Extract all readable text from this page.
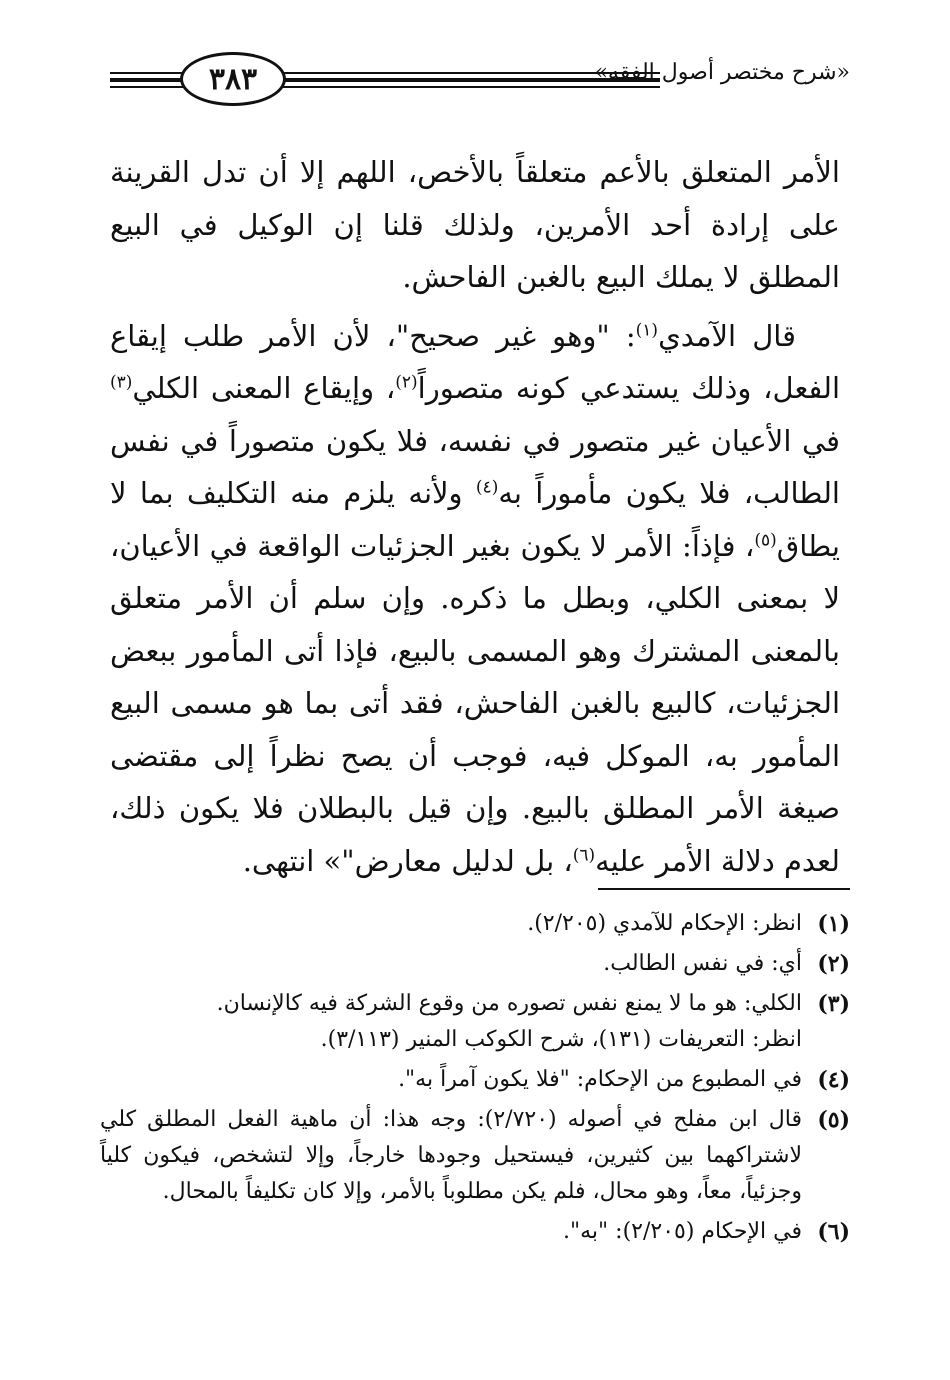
٣٨٣	«شرح مختصر أصول الفقه»

الأمر المتعلق بالأعم متعلقاً بالأخص، اللهم إلا أن تدل القرينة على إرادة أحد الأمرين، ولذلك قلنا إن الوكيل في البيع المطلق لا يملك البيع بالغبن الفاحش.

قال الآمدي$^{(١)}$: "وهو غير صحيح"، لأن الأمر طلب إيقاع الفعل، وذلك يستدعي كونه متصوراً$^{(٢)}$، وإيقاع المعنى الكلي$^{(٣)}$ في الأعيان غير متصور في نفسه، فلا يكون متصوراً في نفس الطالب، فلا يكون مأموراً به$^{(٤)}$ ولأنه يلزم منه التكليف بما لا يطاق$^{(٥)}$، فإذاً: الأمر لا يكون بغير الجزئيات الواقعة في الأعيان، لا بمعنى الكلي، وبطل ما ذكره. وإن سلم أن الأمر متعلق بالمعنى المشترك وهو المسمى بالبيع، فإذا أتى المأمور ببعض الجزئيات، كالبيع بالغبن الفاحش، فقد أتى بما هو مسمى البيع المأمور به، الموكل فيه، فوجب أن يصح نظراً إلى مقتضى صيغة الأمر المطلق بالبيع. وإن قيل بالبطلان فلا يكون ذلك، لعدم دلالة الأمر عليه$^{(٦)}$، بل لدليل معارض"» انتهى.

(١)
انظر: الإحكام للآمدي (٢/٢٠٥).
(٢)
أي: في نفس الطالب.
(٣)
الكلي: هو ما لا يمنع نفس تصوره من وقوع الشركة فيه كالإنسان.
انظر: التعريفات (١٣١)، شرح الكوكب المنير (٣/١١٣).
(٤)
في المطبوع من الإحكام: "فلا يكون آمراً به".
(٥)
قال ابن مفلح في أصوله (٢/٧٢٠): وجه هذا: أن ماهية الفعل المطلق كلي لاشتراكهما بين كثيرين، فيستحيل وجودها خارجاً، وإلا لتشخص، فيكون كلياً وجزئياً، معاً، وهو محال، فلم يكن مطلوباً بالأمر، وإلا كان تكليفاً بالمحال.
(٦)
في الإحكام (٢/٢٠٥): "به".
